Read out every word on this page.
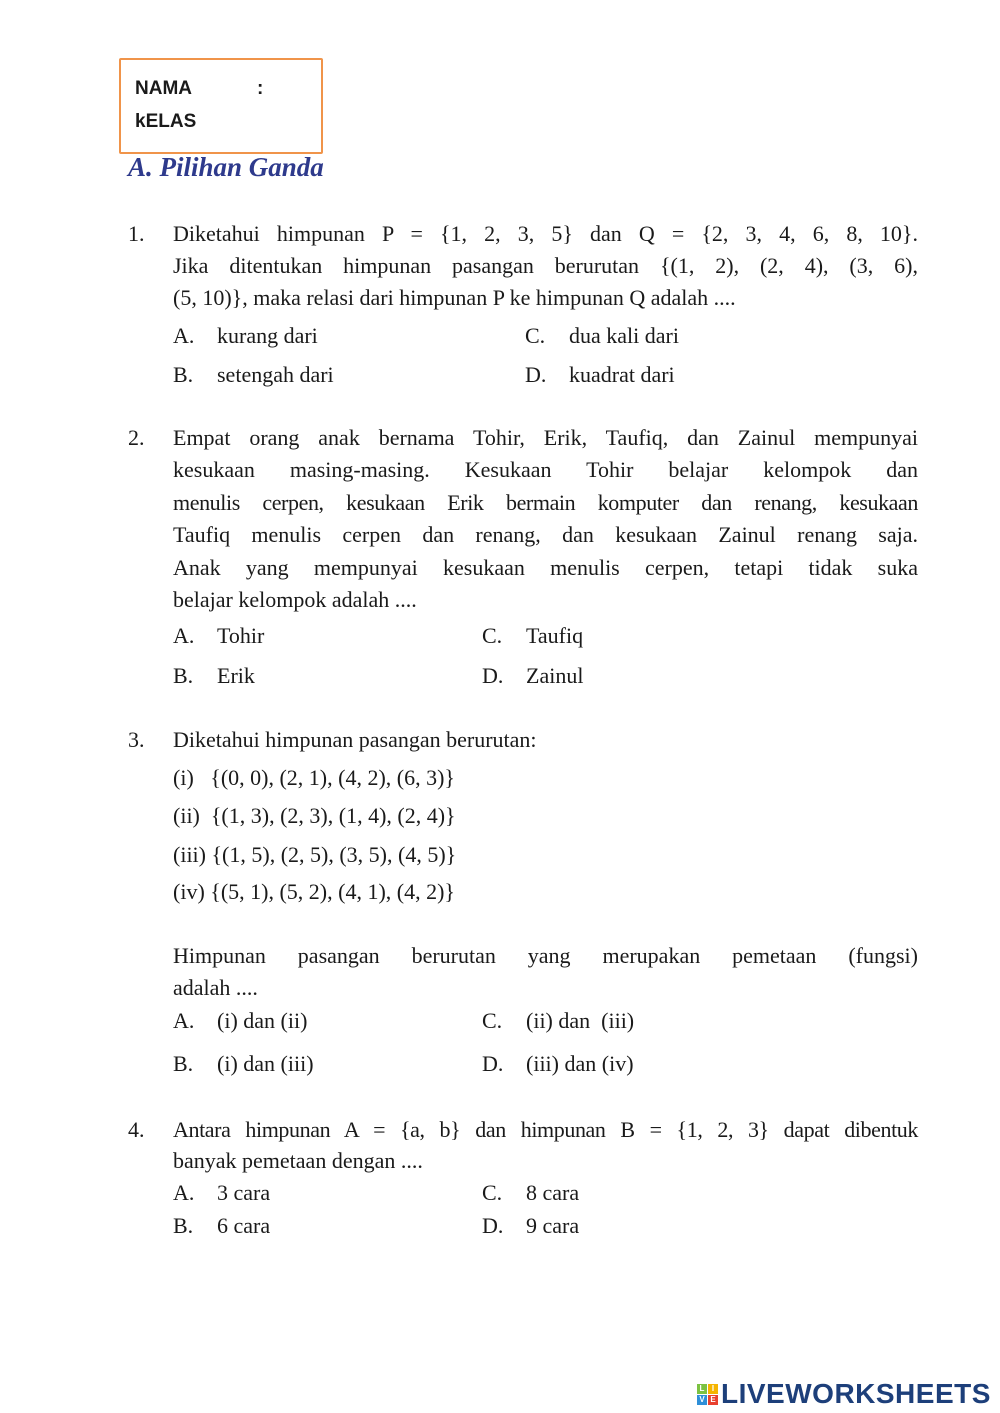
NAMA	:
kELAS
A. Pilihan Ganda
1. Diketahui himpunan P = {1, 2, 3, 5} dan Q = {2, 3, 4, 6, 8, 10}.
Jika ditentukan himpunan pasangan berurutan {(1, 2), (2, 4), (3, 6),
(5, 10)}, maka relasi dari himpunan P ke himpunan Q adalah ....
A. kurang dari
B. setengah dari
C. dua kali dari
D. kuadrat dari
2. Empat orang anak bernama Tohir, Erik, Taufiq, dan Zainul mempunyai
kesukaan masing-masing. Kesukaan Tohir belajar kelompok dan
menulis cerpen, kesukaan Erik bermain komputer dan renang, kesukaan
Taufiq menulis cerpen dan renang, dan kesukaan Zainul renang saja.
Anak yang mempunyai kesukaan menulis cerpen, tetapi tidak suka
belajar kelompok adalah ....
A. Tohir
B. Erik
C. Taufiq
D. Zainul
3. Diketahui himpunan pasangan berurutan:
(i)   {(0, 0), (2, 1), (4, 2), (6, 3)}
(ii)  {(1, 3), (2, 3), (1, 4), (2, 4)}
(iii) {(1, 5), (2, 5), (3, 5), (4, 5)}
(iv) {(5, 1), (5, 2), (4, 1), (4, 2)}
Himpunan pasangan berurutan yang merupakan pemetaan (fungsi)
adalah ....
A. (i) dan (ii)
B. (i) dan (iii)
C. (ii) dan  (iii)
D. (iii) dan (iv)
4. Antara himpunan A = {a, b} dan himpunan B = {1, 2, 3} dapat dibentuk
banyak pemetaan dengan ....
A. 3 cara
B. 6 cara
C. 8 cara
D. 9 cara
L I
V E LIVEWORKSHEETS
